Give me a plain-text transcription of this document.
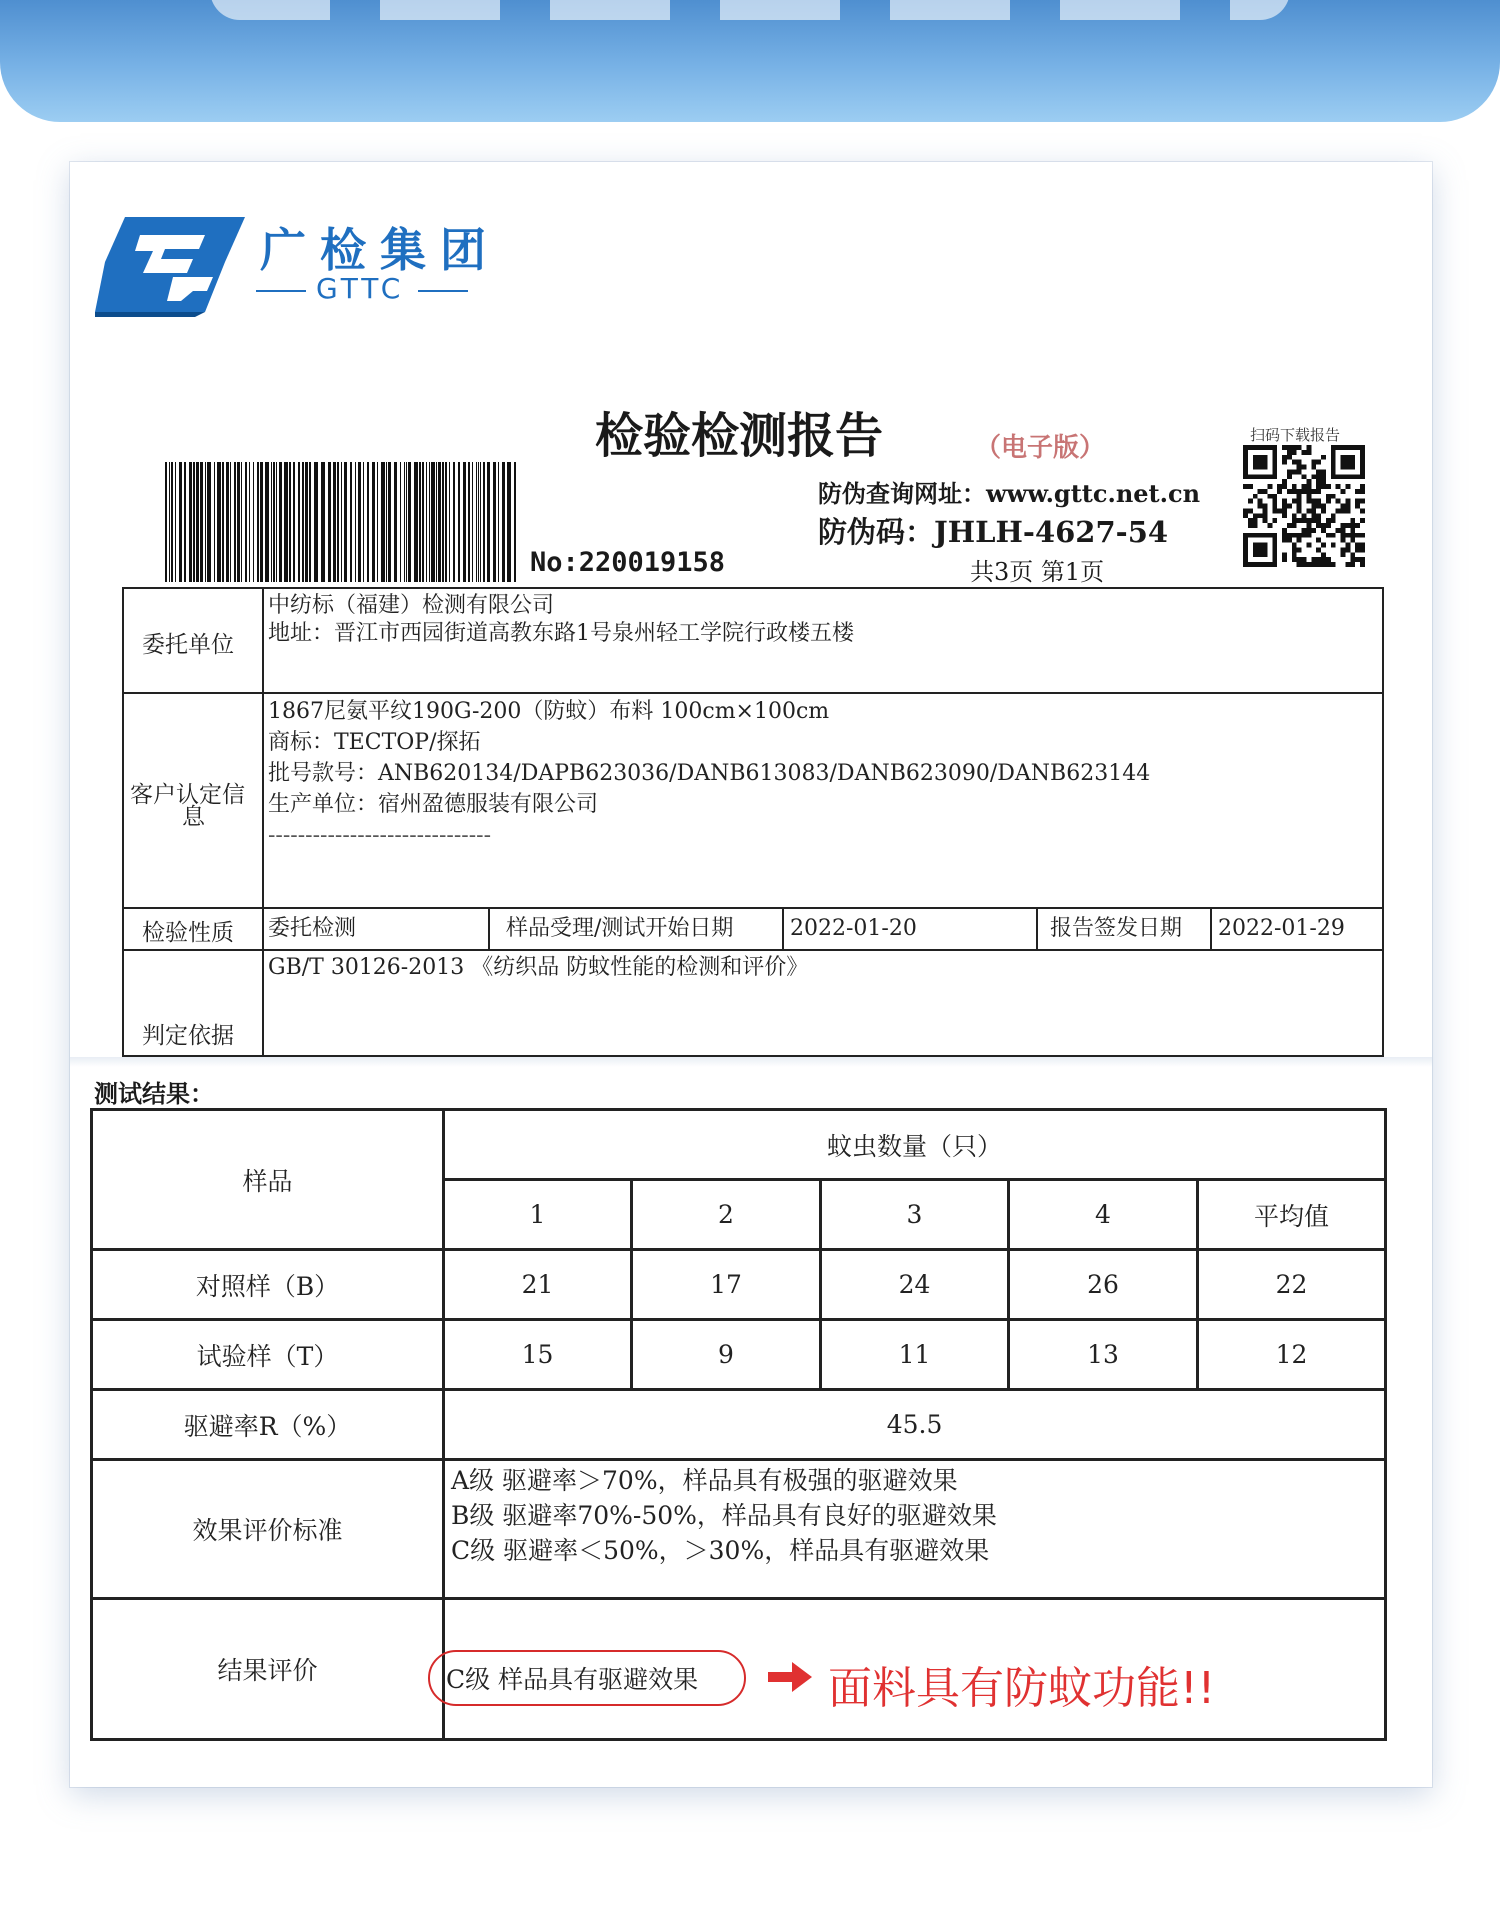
广检集团
GTTC
检验检测报告	（电子版）	扫码下载报告
防伪查询网址：www.gttc.net.cn
防伪码：JHLH-4627-54
No:220019158	共3页 第1页
委托单位
中纺标（福建）检测有限公司
地址：晋江市西园街道高教东路1号泉州轻工学院行政楼五楼
客户认定信
息
1867尼氨平纹190G-200（防蚊）布料 100cm×100cm
商标：TECTOP/探拓
批号款号：ANB620134/DAPB623036/DANB613083/DANB623090/DANB623144
生产单位：宿州盈德服装有限公司
------------------------------
检验性质 委托检测	样品受理/测试开始日期	2022-01-20	报告签发日期 2022-01-29
判定依据
GB/T 30126-2013 《纺织品 防蚊性能的检测和评价》
测试结果：
样品	蚊虫数量（只）				
	1	2	3	4	平均值
对照样（B）	21	17	24	26	22
试验样（T）	15	9	11	13	12
驱避率R（%）	45.5				
效果评价标准	A级 驱避率＞70%，样品具有极强的驱避效果
B级 驱避率70%-50%，样品具有良好的驱避效果
C级 驱避率＜50%，＞30%，样品具有驱避效果				

结果评价						C级 样品具有驱避效果	面料具有防蚊功能!!
